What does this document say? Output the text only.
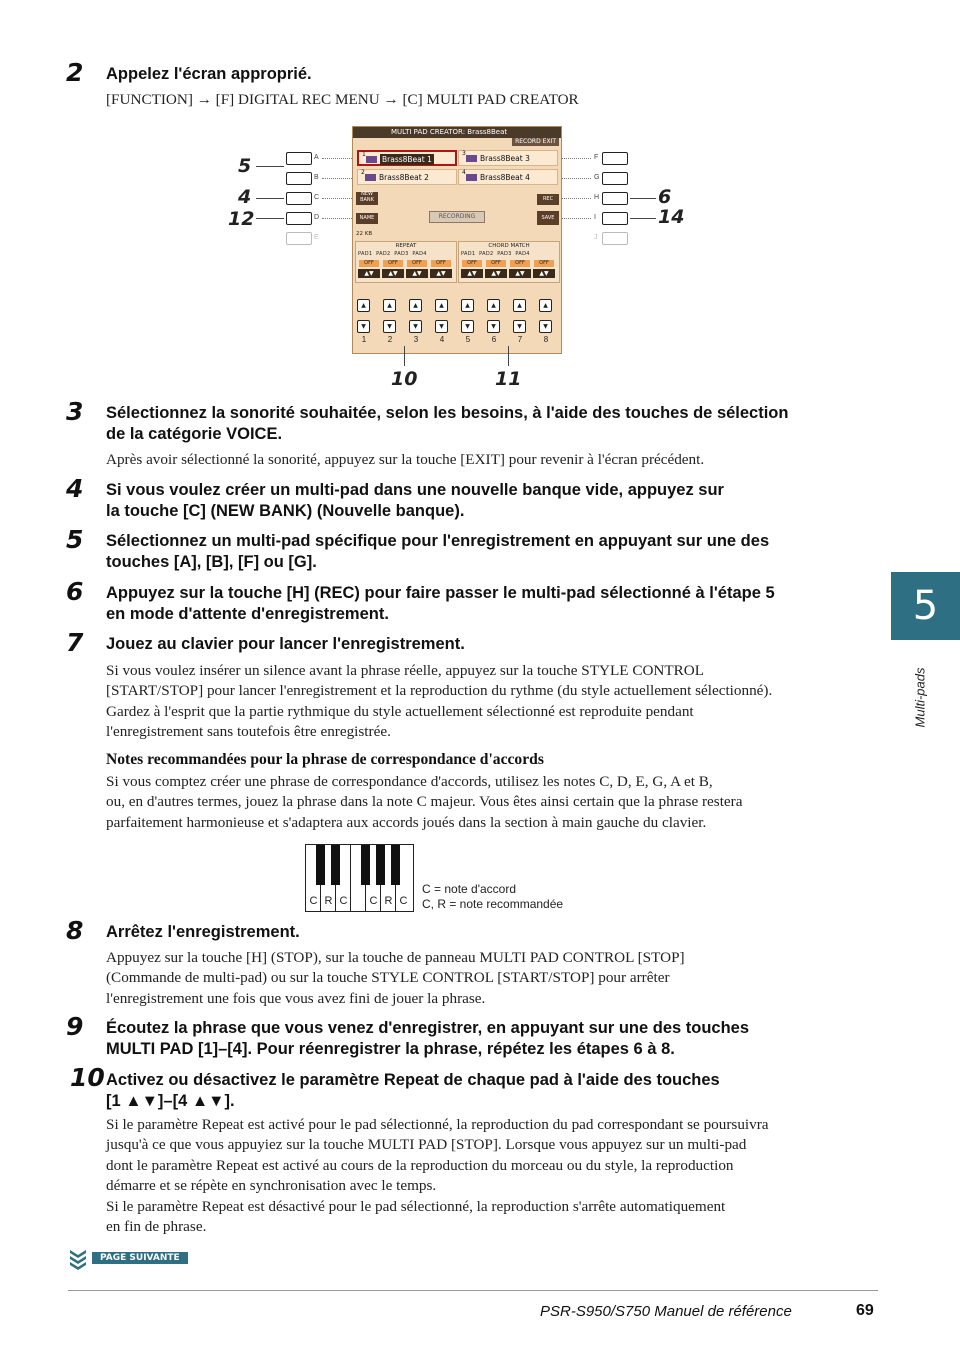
2	Appelez l'écran approprié.
[FUNCTION] → [F] DIGITAL REC MENU → [C] MULTI PAD CREATOR
A
B
C
D
E
F
G
H
I
J
5
4
12
6
14
MULTI PAD CREATOR: Brass8Beat
RECORD EXIT
1
Brass8Beat 1
2
Brass8Beat 2
3
Brass8Beat 3
4
Brass8Beat 4
NEW BANK
NAME
REC
SAVE
RECORDING
22 KB
REPEAT
PAD1 PAD2 PAD3 PAD4
OFF	OFF	OFF	OFF
▲▼	▲▼	▲▼	▲▼
CHORD MATCH
PAD1 PAD2 PAD3 PAD4
OFF	OFF	OFF	OFF
▲▼	▲▼	▲▼	▲▼
▲	▲	▲	▲	▲	▲	▲	▲
▼	▼	▼	▼	▼	▼	▼	▼
1	2	3	4	5	6	7	8
10	11
3	Sélectionnez la sonorité souhaitée, selon les besoins, à l'aide des touches de sélection
de la catégorie VOICE.
Après avoir sélectionné la sonorité, appuyez sur la touche [EXIT] pour revenir à l'écran précédent.
4	Si vous voulez créer un multi-pad dans une nouvelle banque vide, appuyez sur
la touche [C] (NEW BANK) (Nouvelle banque).
5	Sélectionnez un multi-pad spécifique pour l'enregistrement en appuyant sur une des
touches [A], [B], [F] ou [G].
6	Appuyez sur la touche [H] (REC) pour faire passer le multi-pad sélectionné à l'étape 5
en mode d'attente d'enregistrement.
7	Jouez au clavier pour lancer l'enregistrement.
Si vous voulez insérer un silence avant la phrase réelle, appuyez sur la touche STYLE CONTROL
[START/STOP] pour lancer l'enregistrement et la reproduction du rythme (du style actuellement sélectionné).
Gardez à l'esprit que la partie rythmique du style actuellement sélectionné est reproduite pendant
l'enregistrement sans toutefois être enregistrée.
Notes recommandées pour la phrase de correspondance d'accords
Si vous comptez créer une phrase de correspondance d'accords, utilisez les notes C, D, E, G, A et B,
ou, en d'autres termes, jouez la phrase dans la note C majeur. Vous êtes ainsi certain que la phrase restera
parfaitement harmonieuse et s'adaptera aux accords joués dans la section à main gauche du clavier.
C R C	C R C
C = note d'accord
C, R = note recommandée
8	Arrêtez l'enregistrement.
Appuyez sur la touche [H] (STOP), sur la touche de panneau MULTI PAD CONTROL [STOP]
(Commande de multi-pad) ou sur la touche STYLE CONTROL [START/STOP] pour arrêter
l'enregistrement une fois que vous avez fini de jouer la phrase.
9	Écoutez la phrase que vous venez d'enregistrer, en appuyant sur une des touches
MULTI PAD [1]–[4]. Pour réenregistrer la phrase, répétez les étapes 6 à 8.
10 Activez ou désactivez le paramètre Repeat de chaque pad à l'aide des touches
[1 ▲▼]–[4 ▲▼].
Si le paramètre Repeat est activé pour le pad sélectionné, la reproduction du pad correspondant se poursuivra
jusqu'à ce que vous appuyiez sur la touche MULTI PAD [STOP]. Lorsque vous appuyez sur un multi-pad
dont le paramètre Repeat est activé au cours de la reproduction du morceau ou du style, la reproduction
démarre et se répète en synchronisation avec le temps.
Si le paramètre Repeat est désactivé pour le pad sélectionné, la reproduction s'arrête automatiquement
en fin de phrase.
PAGE SUIVANTE
5
Multi-pads
PSR-S950/S750 Manuel de référence	69
